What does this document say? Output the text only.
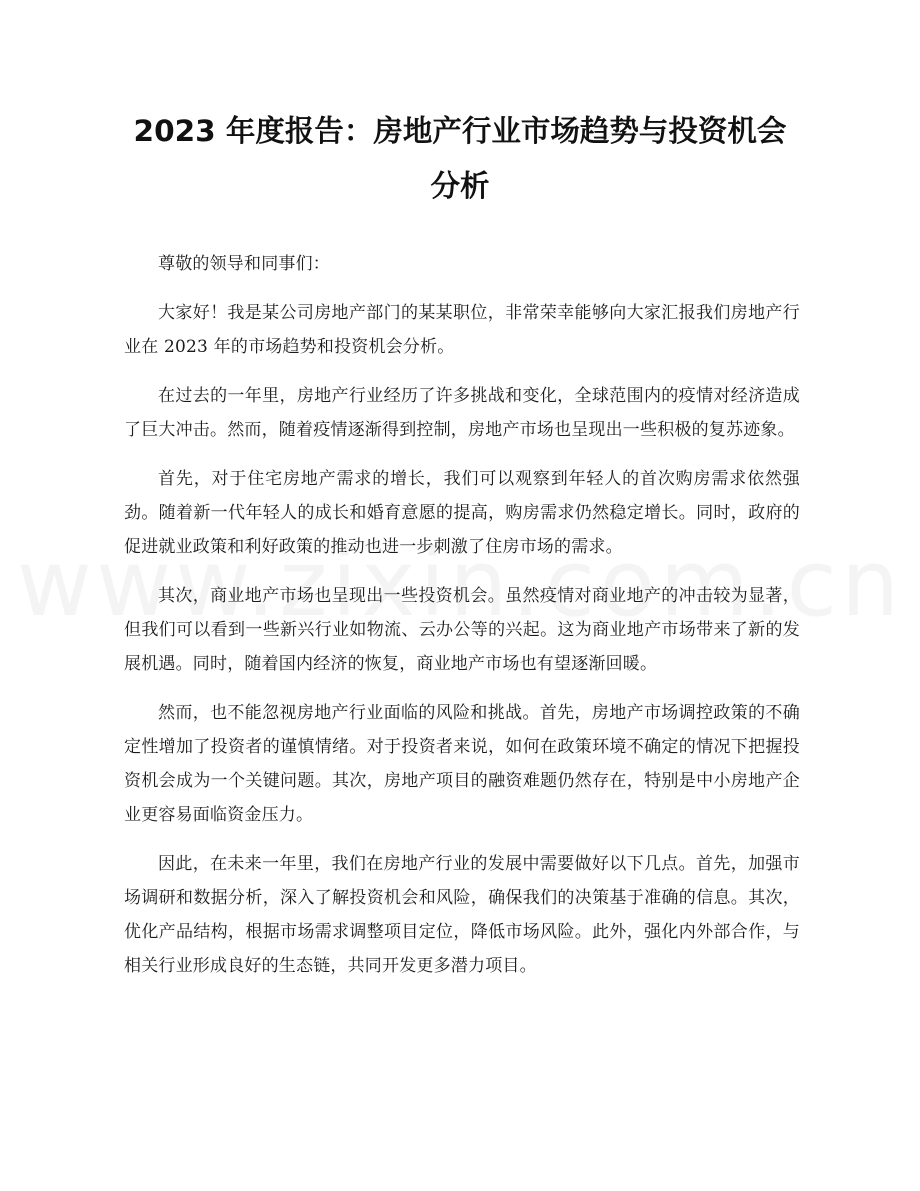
2023 年度报告：房地产行业市场趋势与投资机会分析

尊敬的领导和同事们：

大家好！我是某公司房地产部门的某某职位，非常荣幸能够向大家汇报我们房地产行业在 2023 年的市场趋势和投资机会分析。

在过去的一年里，房地产行业经历了许多挑战和变化，全球范围内的疫情对经济造成了巨大冲击。然而，随着疫情逐渐得到控制，房地产市场也呈现出一些积极的复苏迹象。

首先，对于住宅房地产需求的增长，我们可以观察到年轻人的首次购房需求依然强劲。随着新一代年轻人的成长和婚育意愿的提高，购房需求仍然稳定增长。同时，政府的促进就业政策和利好政策的推动也进一步刺激了住房市场的需求。

其次，商业地产市场也呈现出一些投资机会。虽然疫情对商业地产的冲击较为显著，但我们可以看到一些新兴行业如物流、云办公等的兴起。这为商业地产市场带来了新的发展机遇。同时，随着国内经济的恢复，商业地产市场也有望逐渐回暖。

然而，也不能忽视房地产行业面临的风险和挑战。首先，房地产市场调控政策的不确定性增加了投资者的谨慎情绪。对于投资者来说，如何在政策环境不确定的情况下把握投资机会成为一个关键问题。其次，房地产项目的融资难题仍然存在，特别是中小房地产企业更容易面临资金压力。

因此，在未来一年里，我们在房地产行业的发展中需要做好以下几点。首先，加强市场调研和数据分析，深入了解投资机会和风险，确保我们的决策基于准确的信息。其次，优化产品结构，根据市场需求调整项目定位，降低市场风险。此外，强化内外部合作，与相关行业形成良好的生态链，共同开发更多潜力项目。
